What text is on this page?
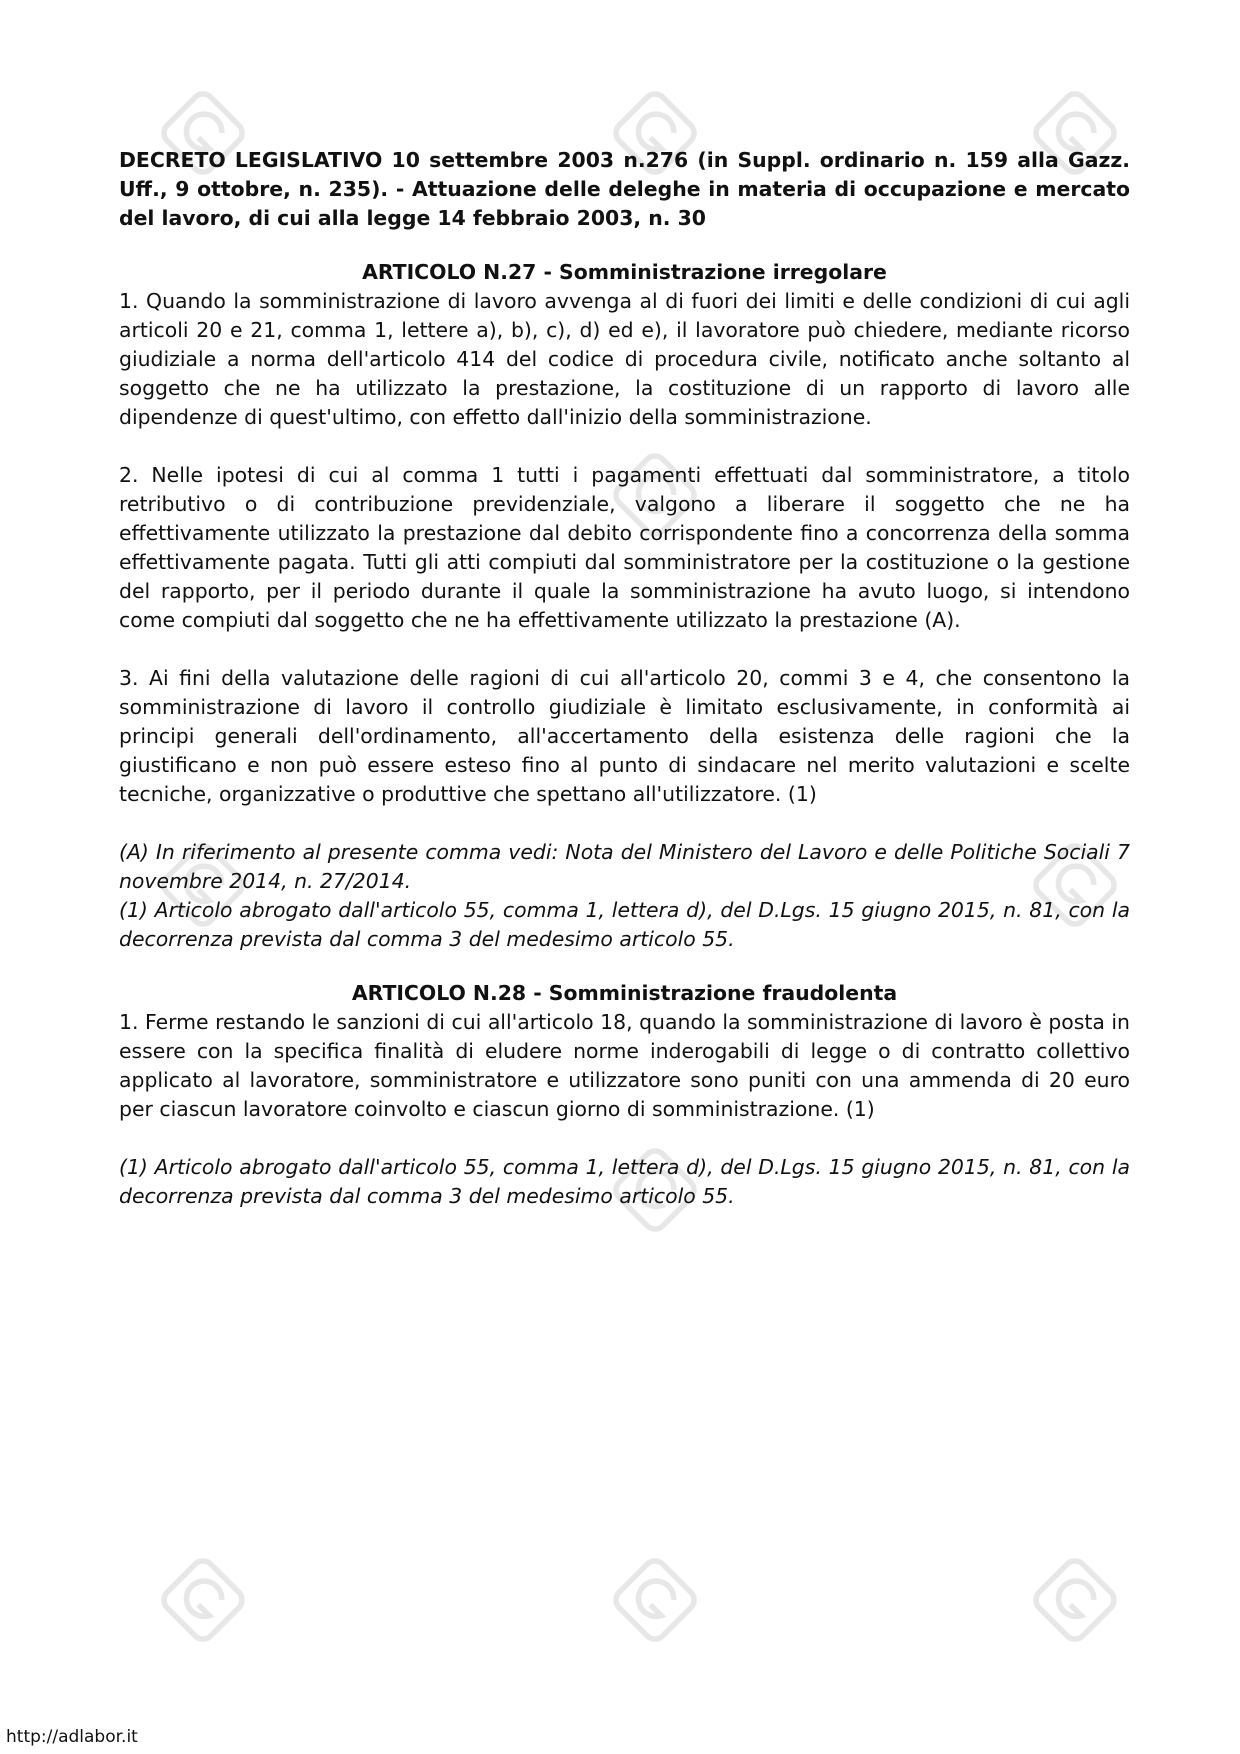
DECRETO LEGISLATIVO 10 settembre 2003 n.276 (in Suppl. ordinario n. 159 alla Gazz. Uff., 9 ottobre, n. 235). - Attuazione delle deleghe in materia di occupazione e mercato del lavoro, di cui alla legge 14 febbraio 2003, n. 30

ARTICOLO N.27 - Somministrazione irregolare

1. Quando la somministrazione di lavoro avvenga al di fuori dei limiti e delle condizioni di cui agli articoli 20 e 21, comma 1, lettere a), b), c), d) ed e), il lavoratore può chiedere, mediante ricorso giudiziale a norma dell'articolo 414 del codice di procedura civile, notificato anche soltanto al soggetto che ne ha utilizzato la prestazione, la costituzione di un rapporto di lavoro alle dipendenze di quest'ultimo, con effetto dall'inizio della somministrazione.

2. Nelle ipotesi di cui al comma 1 tutti i pagamenti effettuati dal somministratore, a titolo retributivo o di contribuzione previdenziale, valgono a liberare il soggetto che ne ha effettivamente utilizzato la prestazione dal debito corrispondente fino a concorrenza della somma effettivamente pagata. Tutti gli atti compiuti dal somministratore per la costituzione o la gestione del rapporto, per il periodo durante il quale la somministrazione ha avuto luogo, si intendono come compiuti dal soggetto che ne ha effettivamente utilizzato la prestazione (A).

3. Ai fini della valutazione delle ragioni di cui all'articolo 20, commi 3 e 4, che consentono la somministrazione di lavoro il controllo giudiziale è limitato esclusivamente, in conformità ai principi generali dell'ordinamento, all'accertamento della esistenza delle ragioni che la giustificano e non può essere esteso fino al punto di sindacare nel merito valutazioni e scelte tecniche, organizzative o produttive che spettano all'utilizzatore. (1)

(A) In riferimento al presente comma vedi: Nota del Ministero del Lavoro e delle Politiche Sociali 7 novembre 2014, n. 27/2014.

(1) Articolo abrogato dall'articolo 55, comma 1, lettera d), del D.Lgs. 15 giugno 2015, n. 81, con la decorrenza prevista dal comma 3 del medesimo articolo 55.

ARTICOLO N.28 - Somministrazione fraudolenta

1. Ferme restando le sanzioni di cui all'articolo 18, quando la somministrazione di lavoro è posta in essere con la specifica finalità di eludere norme inderogabili di legge o di contratto collettivo applicato al lavoratore, somministratore e utilizzatore sono puniti con una ammenda di 20 euro per ciascun lavoratore coinvolto e ciascun giorno di somministrazione. (1)

(1) Articolo abrogato dall'articolo 55, comma 1, lettera d), del D.Lgs. 15 giugno 2015, n. 81, con la decorrenza prevista dal comma 3 del medesimo articolo 55.

http://adlabor.it
